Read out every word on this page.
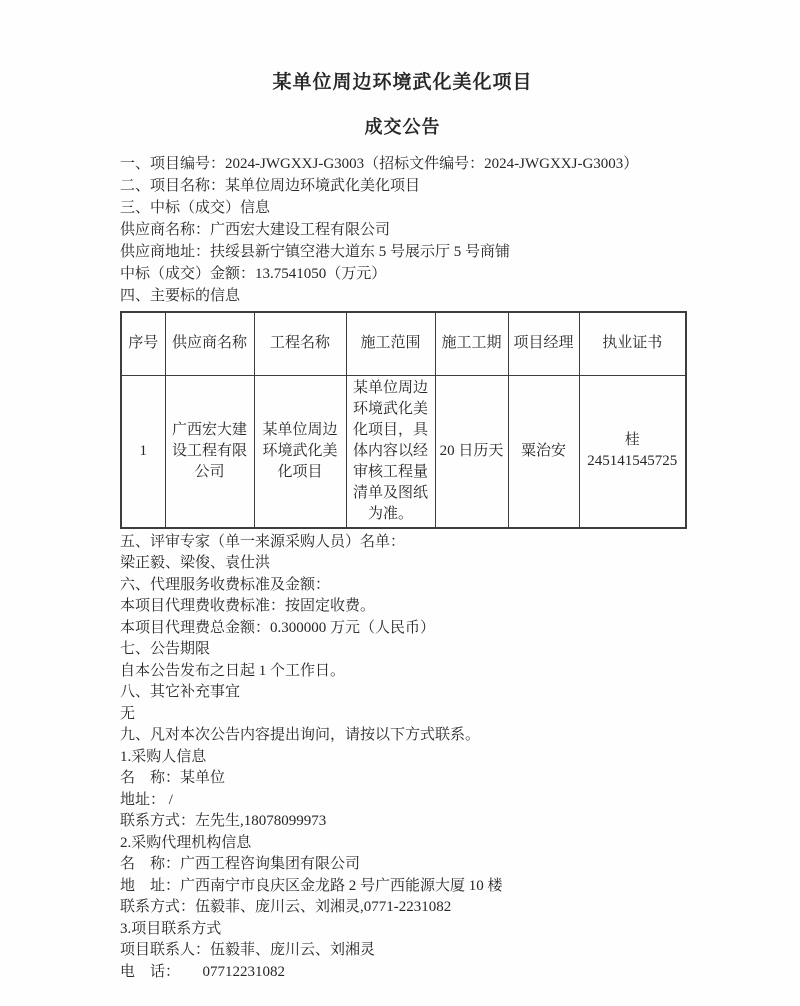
某单位周边环境武化美化项目
成交公告

一、项目编号：2024-JWGXXJ-G3003（招标文件编号：2024-JWGXXJ-G3003）

二、项目名称：某单位周边环境武化美化项目

三、中标（成交）信息

供应商名称：广西宏大建设工程有限公司

供应商地址：扶绥县新宁镇空港大道东 5 号展示厅 5 号商铺

中标（成交）金额：13.7541050（万元）

四、主要标的信息

序号	供应商名称	工程名称	施工范围	施工工期	项目经理	执业证书
1	广西宏大建设工程有限公司	某单位周边环境武化美化项目	某单位周边环境武化美化项目，具体内容以经审核工程量清单及图纸为准。	20 日历天	粟治安	桂 245141545725

五、评审专家（单一来源采购人员）名单：

梁正毅、梁俊、袁仕洪

六、代理服务收费标准及金额：

本项目代理费收费标准：按固定收费。

本项目代理费总金额：0.300000 万元（人民币）

七、公告期限

自本公告发布之日起 1 个工作日。

八、其它补充事宜

无

九、凡对本次公告内容提出询问，请按以下方式联系。

1.采购人信息

名　称：某单位

地址： /

联系方式：左先生,18078099973

2.采购代理机构信息

名　称：广西工程咨询集团有限公司

地　址：广西南宁市良庆区金龙路 2 号广西能源大厦 10 楼

联系方式：伍毅菲、庞川云、刘湘灵,0771-2231082

3.项目联系方式

项目联系人：伍毅菲、庞川云、刘湘灵

电　话：　　07712231082
